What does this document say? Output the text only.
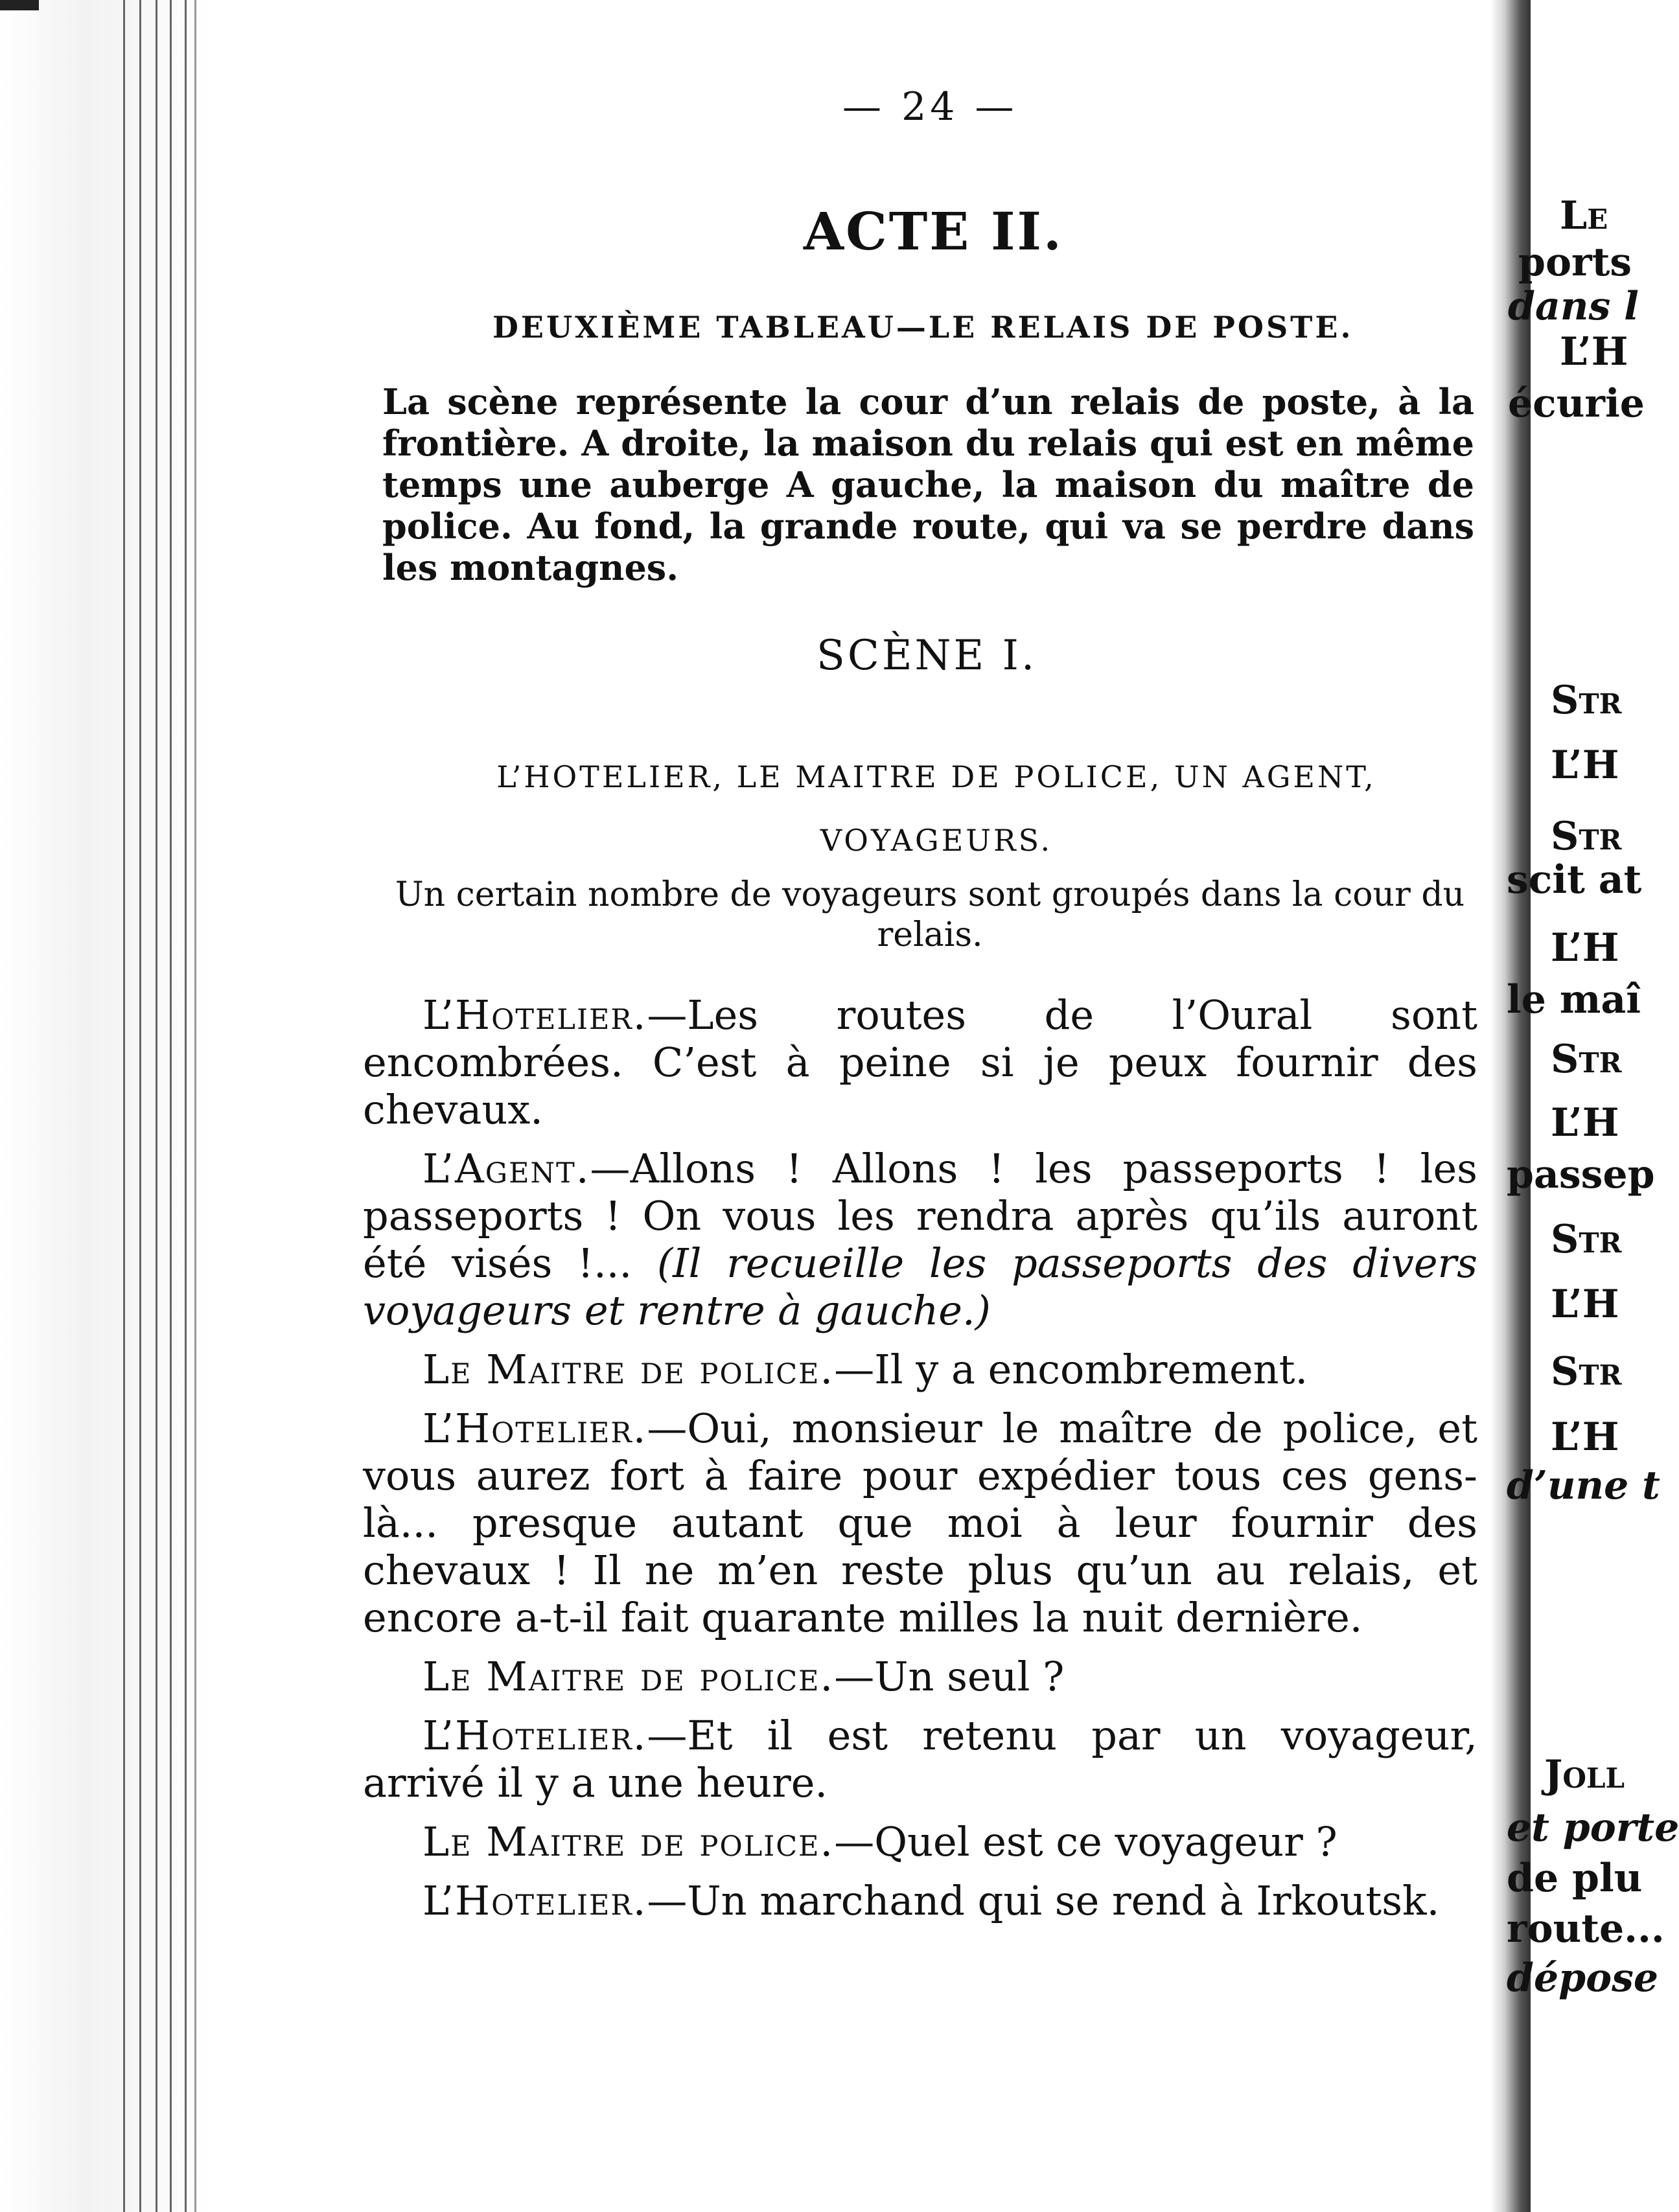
— 24 —
ACTE II.
DEUXIÈME TABLEAU—LE RELAIS DE POSTE.
La scène représente la cour d’un relais de poste, à la frontière. A droite, la maison du relais qui est en même temps une auberge A gauche, la maison du maître de police. Au fond, la grande route, qui va se perdre dans les montagnes.
SCÈNE I.
L’HOTELIER, LE MAITRE DE POLICE, UN AGENT,
VOYAGEURS.
Un certain nombre de voyageurs sont groupés dans la cour du relais.

L’Hotelier.—Les routes de l’Oural sont encombrées. C’est à peine si je peux fournir des chevaux.

L’Agent.—Allons ! Allons ! les passeports ! les passeports ! On vous les rendra après qu’ils auront été visés !... (Il recueille les passeports des divers voyageurs et rentre à gauche.)

Le Maitre de police.—Il y a encombrement.

L’Hotelier.—Oui, monsieur le maître de police, et vous aurez fort à faire pour expédier tous ces gens-là... presque autant que moi à leur fournir des chevaux ! Il ne m’en reste plus qu’un au relais, et encore a-t-il fait quarante milles la nuit dernière.

Le Maitre de police.—Un seul ?

L’Hotelier.—Et il est retenu par un voyageur, arrivé il y a une heure.

Le Maitre de police.—Quel est ce voyageur ?

L’Hotelier.—Un marchand qui se rend à Irkoutsk.

Le
ports
dans l
L’H
écurie
Str
L’H
Str
scit at
L’H
le maî
Str
L’H
passep
Str
L’H
Str
L’H
d’une t
Joll
et porte
de plu
route...
dépose
